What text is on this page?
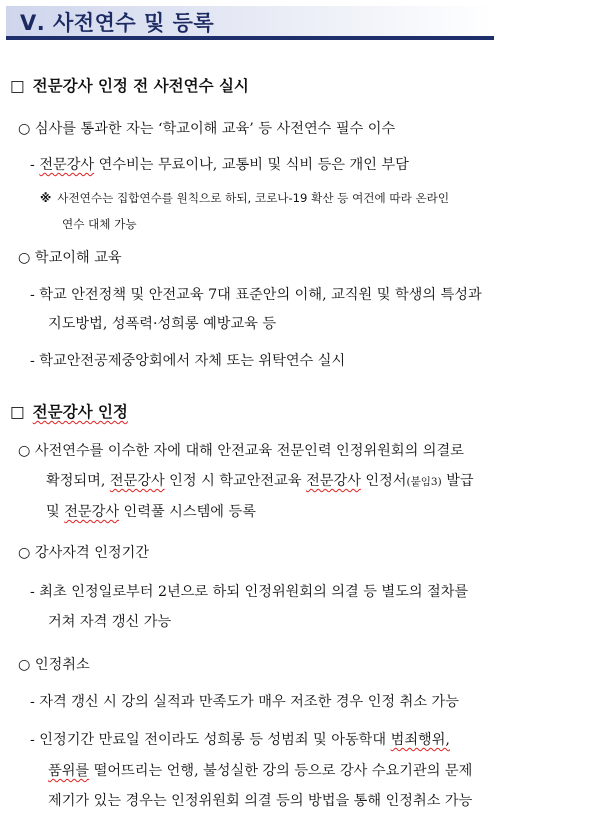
Ⅴ. 사전연수 및 등록
□ 전문강사 인정 전 사전연수 실시
○ 심사를 통과한 자는 ‘학교이해 교육’ 등 사전연수 필수 이수
- 전문강사 연수비는 무료이나, 교통비 및 식비 등은 개인 부담
※ 사전연수는 집합연수를 원칙으로 하되, 코로나-19 확산 등 여건에 따라 온라인
연수 대체 가능
○ 학교이해 교육
- 학교 안전정책 및 안전교육 7대 표준안의 이해, 교직원 및 학생의 특성과
지도방법, 성폭력·성희롱 예방교육 등
- 학교안전공제중앙회에서 자체 또는 위탁연수 실시
□ 전문강사 인정
○ 사전연수를 이수한 자에 대해 안전교육 전문인력 인정위원회의 의결로
확정되며, 전문강사 인정 시 학교안전교육 전문강사 인정서(붙임3) 발급
및 전문강사 인력풀 시스템에 등록
○ 강사자격 인정기간
- 최초 인정일로부터 2년으로 하되 인정위원회의 의결 등 별도의 절차를
거쳐 자격 갱신 가능
○ 인정취소
- 자격 갱신 시 강의 실적과 만족도가 매우 저조한 경우 인정 취소 가능
- 인정기간 만료일 전이라도 성희롱 등 성범죄 및 아동학대 범죄행위,
품위를 떨어뜨리는 언행, 불성실한 강의 등으로 강사 수요기관의 문제
제기가 있는 경우는 인정위원회 의결 등의 방법을 통해 인정취소 가능
